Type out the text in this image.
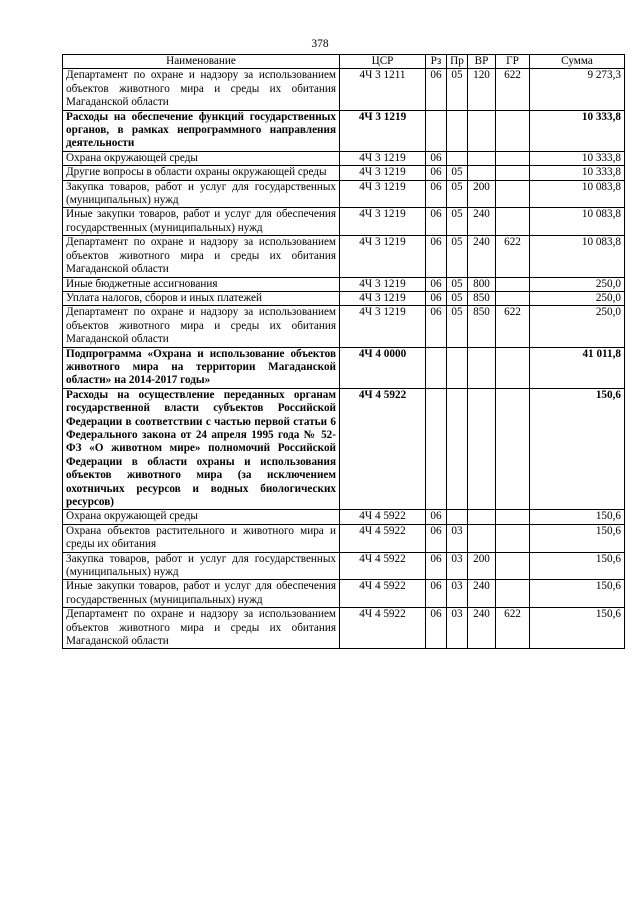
378
Наименование	ЦСР	Рз	Пр	ВР	ГР	Сумма
Департамент по охране и надзору за использованием объектов животного мира и среды их обитания Магаданской области	4Ч 3 1211	06	05	120	622	9 273,3
Расходы на обеспечение функций государственных органов, в рамках непрограммного направления деятельности	4Ч 3 1219					10 333,8
Охрана окружающей среды	4Ч 3 1219	06				10 333,8
Другие вопросы в области охраны окружающей среды	4Ч 3 1219	06	05			10 333,8
Закупка товаров, работ и услуг для государственных (муниципальных) нужд	4Ч 3 1219	06	05	200		10 083,8
Иные закупки товаров, работ и услуг для обеспечения государственных (муниципальных) нужд	4Ч 3 1219	06	05	240		10 083,8
Департамент по охране и надзору за использованием объектов животного мира и среды их обитания Магаданской области	4Ч 3 1219	06	05	240	622	10 083,8
Иные бюджетные ассигнования	4Ч 3 1219	06	05	800		250,0
Уплата налогов, сборов и иных платежей	4Ч 3 1219	06	05	850		250,0
Департамент по охране и надзору за использованием объектов животного мира и среды их обитания Магаданской области	4Ч 3 1219	06	05	850	622	250,0
Подпрограмма «Охрана и использование объектов животного мира на территории Магаданской области» на 2014-2017 годы»	4Ч 4 0000					41 011,8
Расходы на осуществление переданных органам государственной власти субъектов Российской Федерации в соответствии с частью первой статьи 6 Федерального закона от 24 апреля 1995 года № 52-ФЗ «О животном мире» полномочий Российской Федерации в области охраны и использования объектов животного мира (за исключением охотничьих ресурсов и водных биологических ресурсов)	4Ч 4 5922					150,6
Охрана окружающей среды	4Ч 4 5922	06				150,6
Охрана объектов растительного и животного мира и среды их обитания	4Ч 4 5922	06	03			150,6
Закупка товаров, работ и услуг для государственных (муниципальных) нужд	4Ч 4 5922	06	03	200		150,6
Иные закупки товаров, работ и услуг для обеспечения государственных (муниципальных) нужд	4Ч 4 5922	06	03	240		150,6
Департамент по охране и надзору за использованием объектов животного мира и среды их обитания Магаданской области	4Ч 4 5922	06	03	240	622	150,6
